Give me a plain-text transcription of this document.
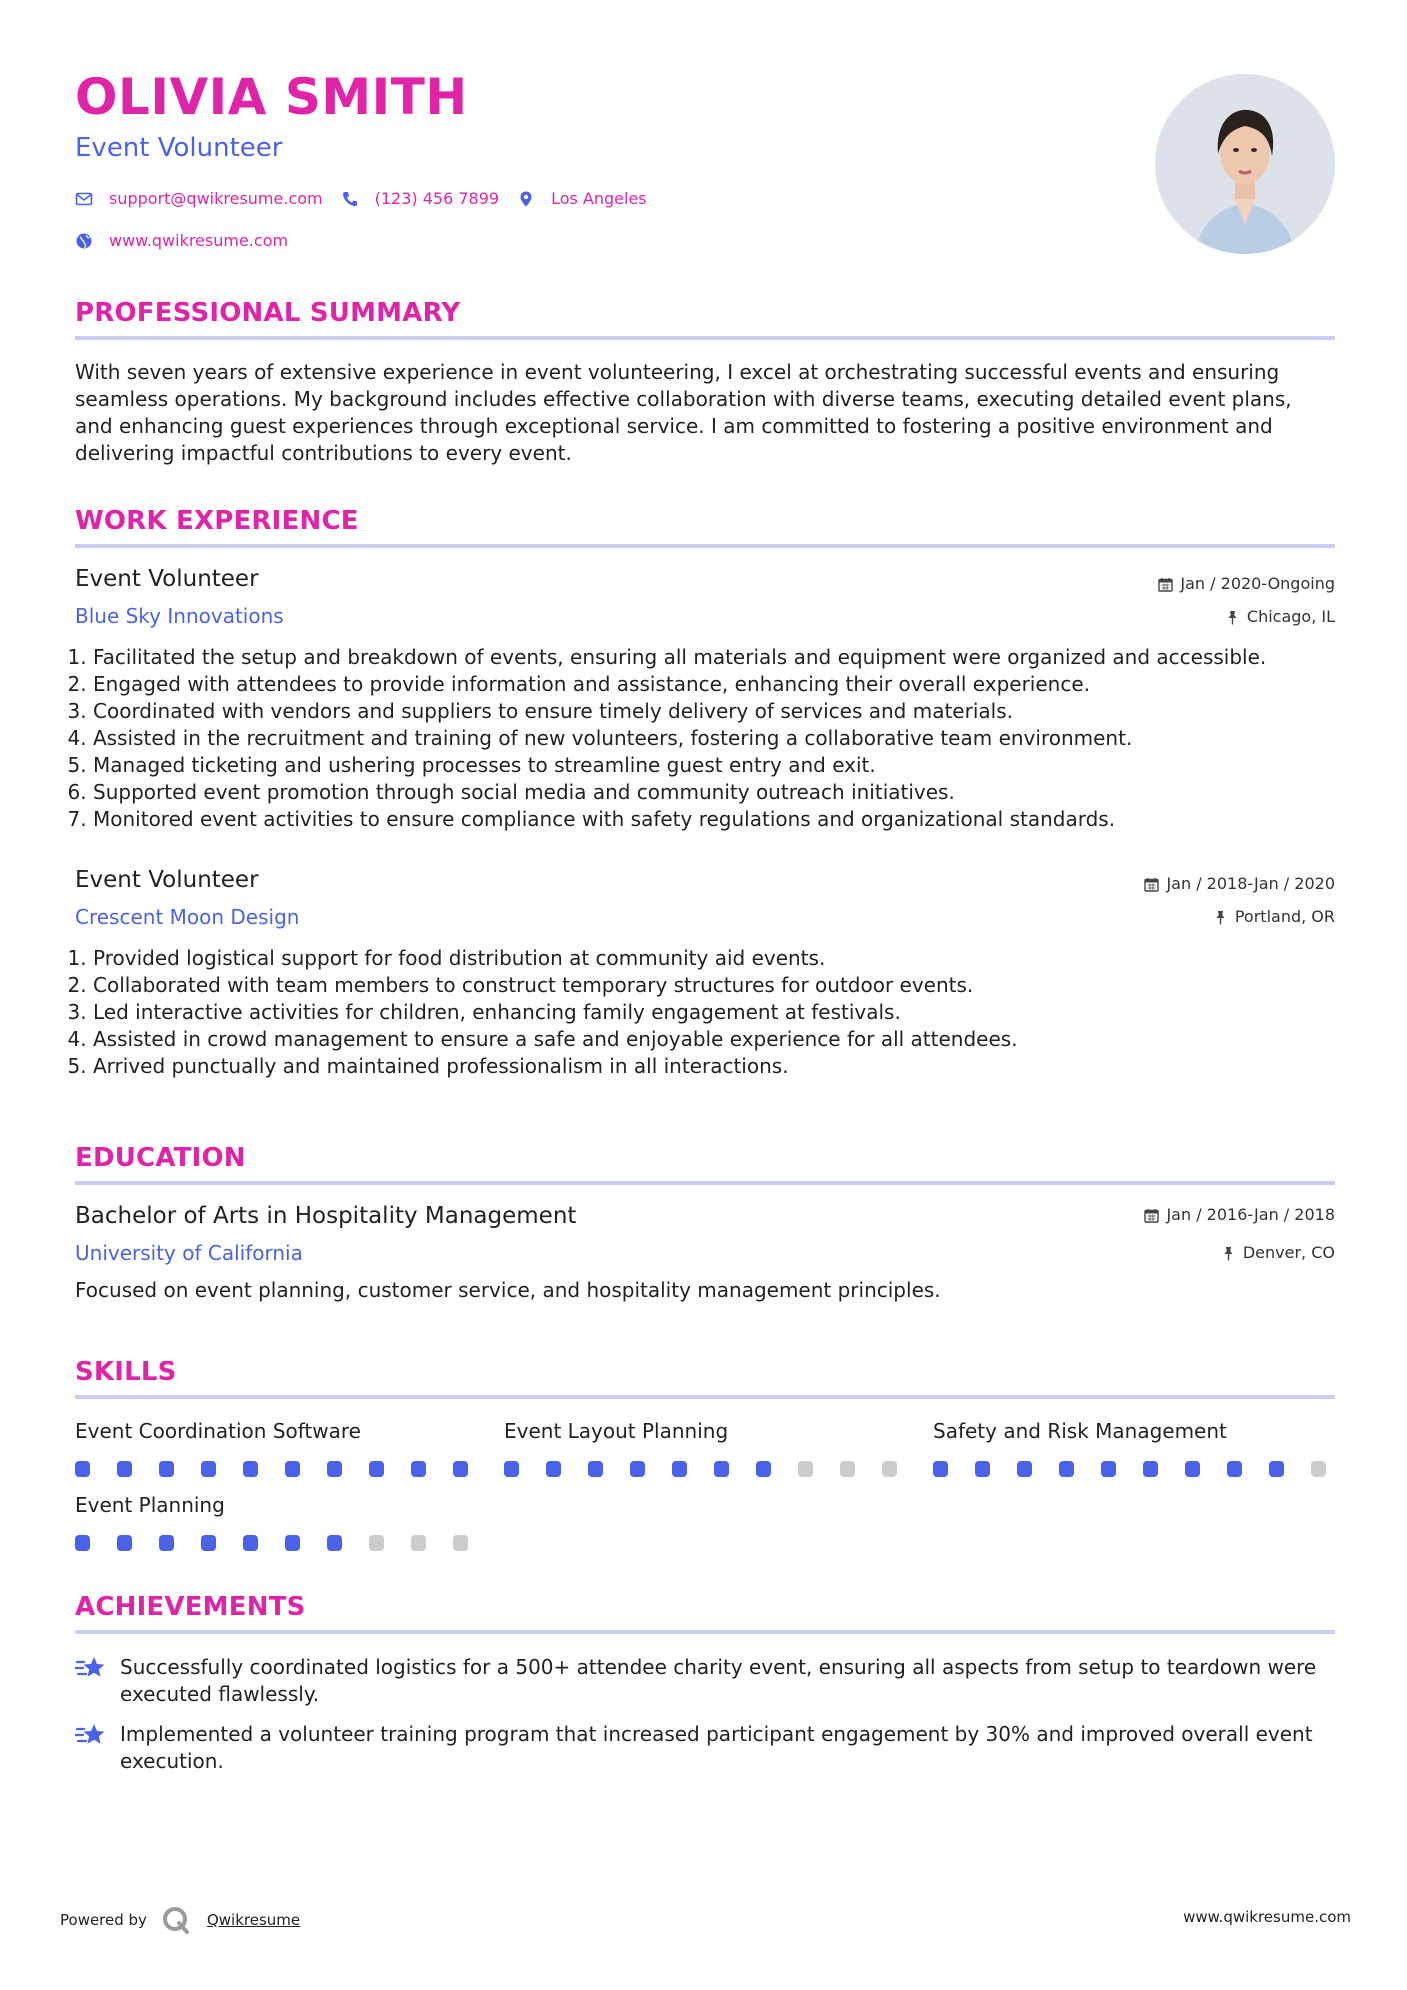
OLIVIA SMITH
Event Volunteer
support@qwikresume.com	(123) 456 7899	Los Angeles
www.qwikresume.com
PROFESSIONAL SUMMARY
With seven years of extensive experience in event volunteering, I excel at orchestrating successful events and ensuring seamless operations. My background includes effective collaboration with diverse teams, executing detailed event plans, and enhancing guest experiences through exceptional service. I am committed to fostering a positive environment and delivering impactful contributions to every event.
WORK EXPERIENCE
Event Volunteer	Jan / 2020-Ongoing
Blue Sky Innovations	Chicago, IL
1. Facilitated the setup and breakdown of events, ensuring all materials and equipment were organized and accessible.
2. Engaged with attendees to provide information and assistance, enhancing their overall experience.
3. Coordinated with vendors and suppliers to ensure timely delivery of services and materials.
4. Assisted in the recruitment and training of new volunteers, fostering a collaborative team environment.
5. Managed ticketing and ushering processes to streamline guest entry and exit.
6. Supported event promotion through social media and community outreach initiatives.
7. Monitored event activities to ensure compliance with safety regulations and organizational standards.
Event Volunteer	Jan / 2018-Jan / 2020
Crescent Moon Design	Portland, OR
1. Provided logistical support for food distribution at community aid events.
2. Collaborated with team members to construct temporary structures for outdoor events.
3. Led interactive activities for children, enhancing family engagement at festivals.
4. Assisted in crowd management to ensure a safe and enjoyable experience for all attendees.
5. Arrived punctually and maintained professionalism in all interactions.
EDUCATION
Bachelor of Arts in Hospitality Management	Jan / 2016-Jan / 2018
University of California	Denver, CO
Focused on event planning, customer service, and hospitality management principles.
SKILLS
Event Coordination Software	Event Layout Planning	Safety and Risk Management
Event Planning
ACHIEVEMENTS
Successfully coordinated logistics for a 500+ attendee charity event, ensuring all aspects from setup to teardown were executed flawlessly.
Implemented a volunteer training program that increased participant engagement by 30% and improved overall event execution.
Powered by	Qwikresume	www.qwikresume.com
